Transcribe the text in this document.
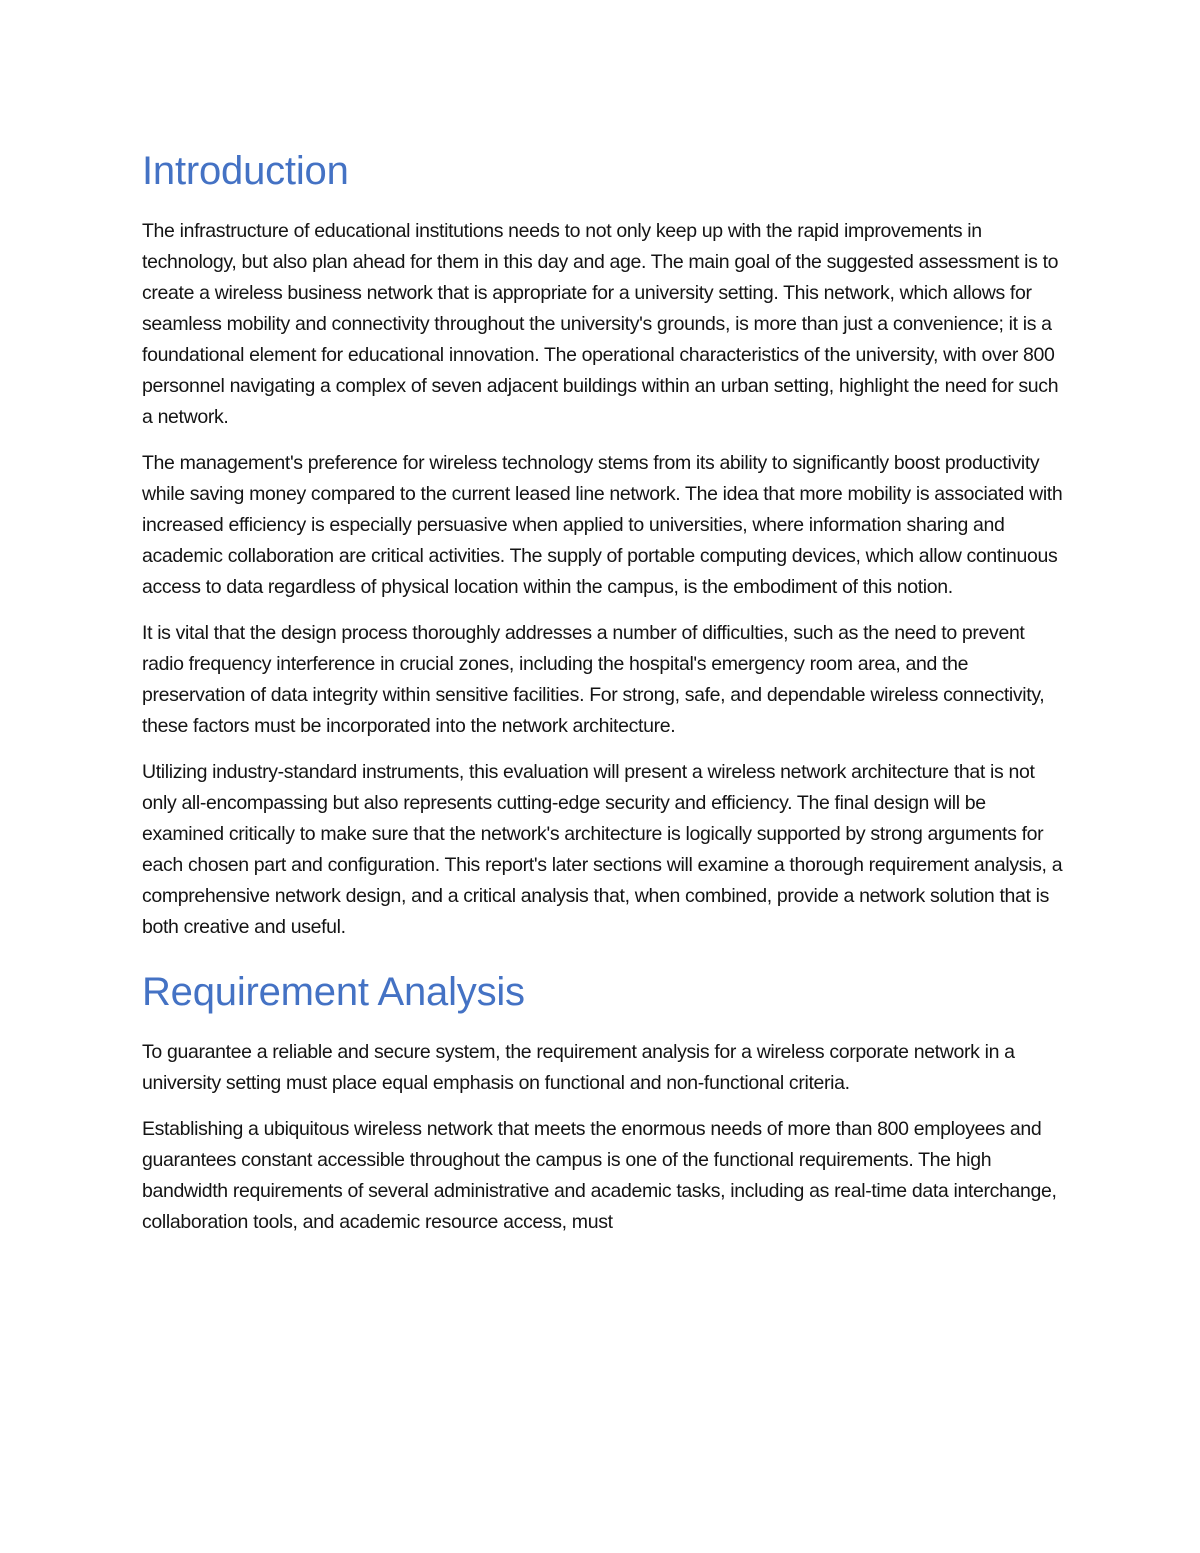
Introduction

The infrastructure of educational institutions needs to not only keep up with the rapid improvements in technology, but also plan ahead for them in this day and age. The main goal of the suggested assessment is to create a wireless business network that is appropriate for a university setting. This network, which allows for seamless mobility and connectivity throughout the university's grounds, is more than just a convenience; it is a foundational element for educational innovation. The operational characteristics of the university, with over 800 personnel navigating a complex of seven adjacent buildings within an urban setting, highlight the need for such a network.

The management's preference for wireless technology stems from its ability to significantly boost productivity while saving money compared to the current leased line network. The idea that more mobility is associated with increased efficiency is especially persuasive when applied to universities, where information sharing and academic collaboration are critical activities. The supply of portable computing devices, which allow continuous access to data regardless of physical location within the campus, is the embodiment of this notion.

It is vital that the design process thoroughly addresses a number of difficulties, such as the need to prevent radio frequency interference in crucial zones, including the hospital's emergency room area, and the preservation of data integrity within sensitive facilities. For strong, safe, and dependable wireless connectivity, these factors must be incorporated into the network architecture.

Utilizing industry-standard instruments, this evaluation will present a wireless network architecture that is not only all-encompassing but also represents cutting-edge security and efficiency. The final design will be examined critically to make sure that the network's architecture is logically supported by strong arguments for each chosen part and configuration. This report's later sections will examine a thorough requirement analysis, a comprehensive network design, and a critical analysis that, when combined, provide a network solution that is both creative and useful.

Requirement Analysis

To guarantee a reliable and secure system, the requirement analysis for a wireless corporate network in a university setting must place equal emphasis on functional and non-functional criteria.

Establishing a ubiquitous wireless network that meets the enormous needs of more than 800 employees and guarantees constant accessible throughout the campus is one of the functional requirements. The high bandwidth requirements of several administrative and academic tasks, including as real-time data interchange, collaboration tools, and academic resource access, must
